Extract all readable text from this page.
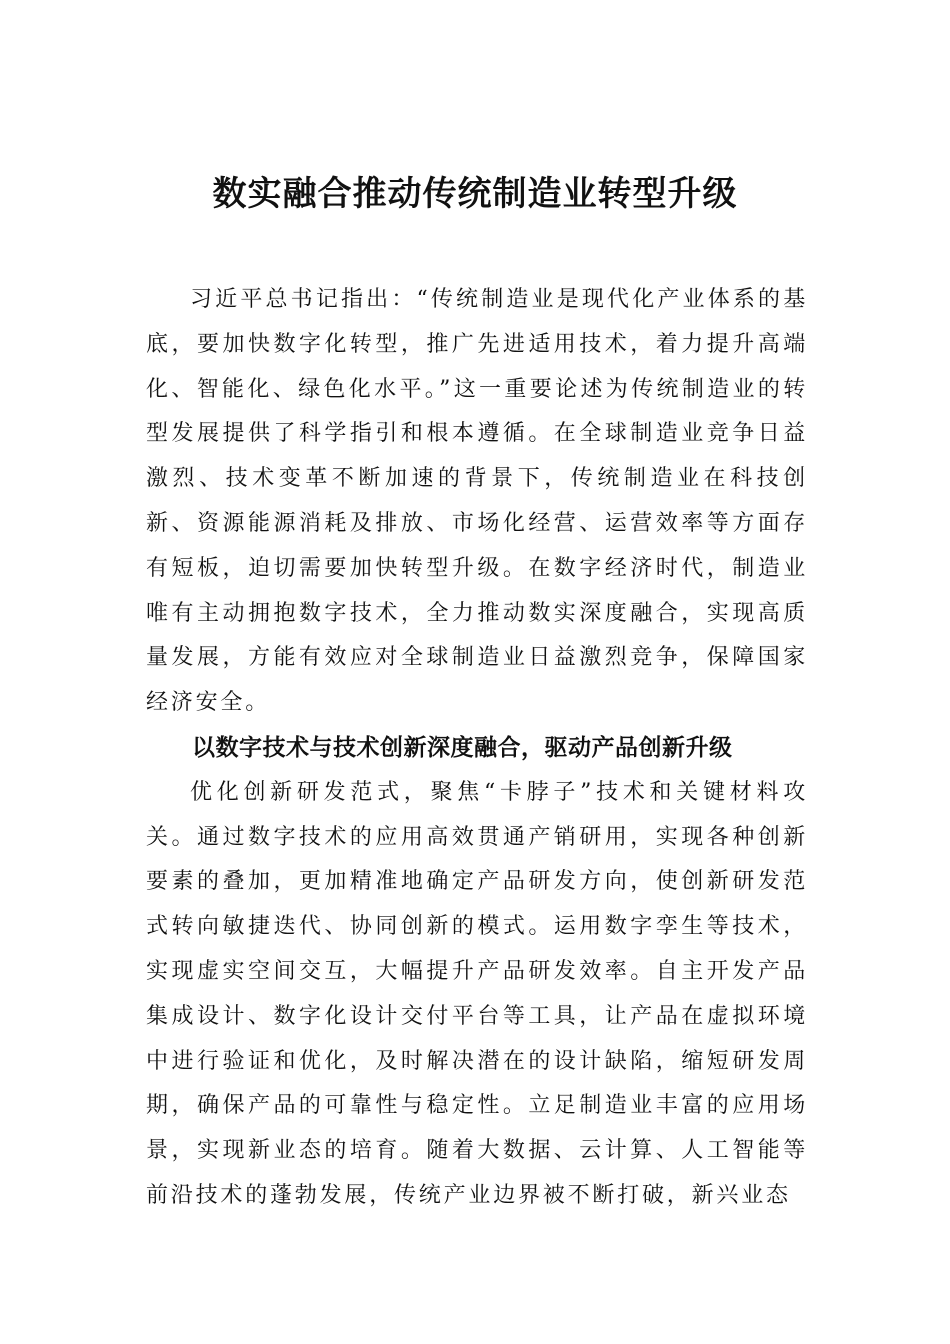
数实融合推动传统制造业转型升级

习近平总书记指出：“传统制造业是现代化产业体系的基底，要加快数字化转型，推广先进适用技术，着力提升高端化、智能化、绿色化水平。”这一重要论述为传统制造业的转型发展提供了科学指引和根本遵循。在全球制造业竞争日益激烈、技术变革不断加速的背景下，传统制造业在科技创新、资源能源消耗及排放、市场化经营、运营效率等方面存有短板，迫切需要加快转型升级。在数字经济时代，制造业唯有主动拥抱数字技术，全力推动数实深度融合，实现高质量发展，方能有效应对全球制造业日益激烈竞争，保障国家经济安全。

以数字技术与技术创新深度融合，驱动产品创新升级

优化创新研发范式，聚焦“卡脖子”技术和关键材料攻关。通过数字技术的应用高效贯通产销研用，实现各种创新要素的叠加，更加精准地确定产品研发方向，使创新研发范式转向敏捷迭代、协同创新的模式。运用数字孪生等技术，实现虚实空间交互，大幅提升产品研发效率。自主开发产品集成设计、数字化设计交付平台等工具，让产品在虚拟环境中进行验证和优化，及时解决潜在的设计缺陷，缩短研发周期，确保产品的可靠性与稳定性。立足制造业丰富的应用场景，实现新业态的培育。随着大数据、云计算、人工智能等前沿技术的蓬勃发展，传统产业边界被不断打破，新兴业态
